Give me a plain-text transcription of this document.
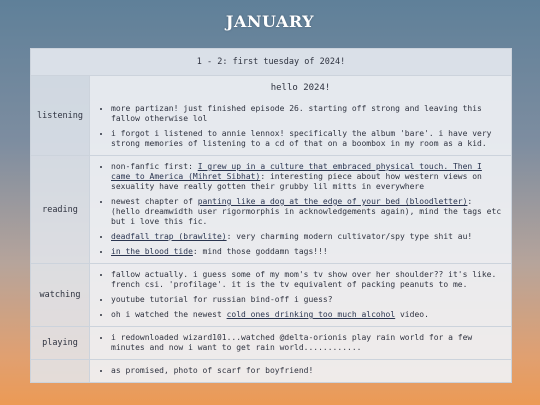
JANUARY
1 - 2: first tuesday of 2024!
listening
hello 2024!
• more partizan! just finished episode 26. starting off strong and leaving this fallow otherwise lol
• i forgot i listened to annie lennox! specifically the album 'bare'. i have very strong memories of listening to a cd of that on a boombox in my room as a kid.
reading
• non-fanfic first: I grew up in a culture that embraced physical touch. Then I came to America (Mihret Sibhat): interesting piece about how western views on sexuality have really gotten their grubby lil mitts in everywhere
• newest chapter of panting like a dog at the edge of your bed (bloodletter): (hello dreamwidth user rigormorphis in acknowledgements again), mind the tags etc but i love this fic.
• deadfall trap (brawlite): very charming modern cultivator/spy type shit au!
• in the blood tide: mind those goddamn tags!!!
watching
• fallow actually. i guess some of my mom's tv show over her shoulder?? it's like. french csi. 'profilage'. it is the tv equivalent of packing peanuts to me.
• youtube tutorial for russian bind-off i guess?
• oh i watched the newest cold ones drinking too much alcohol video.
playing
• i redownloaded wizard101...watched @delta-orionis play rain world for a few minutes and now i want to get rain world............
• as promised, photo of scarf for boyfriend!
